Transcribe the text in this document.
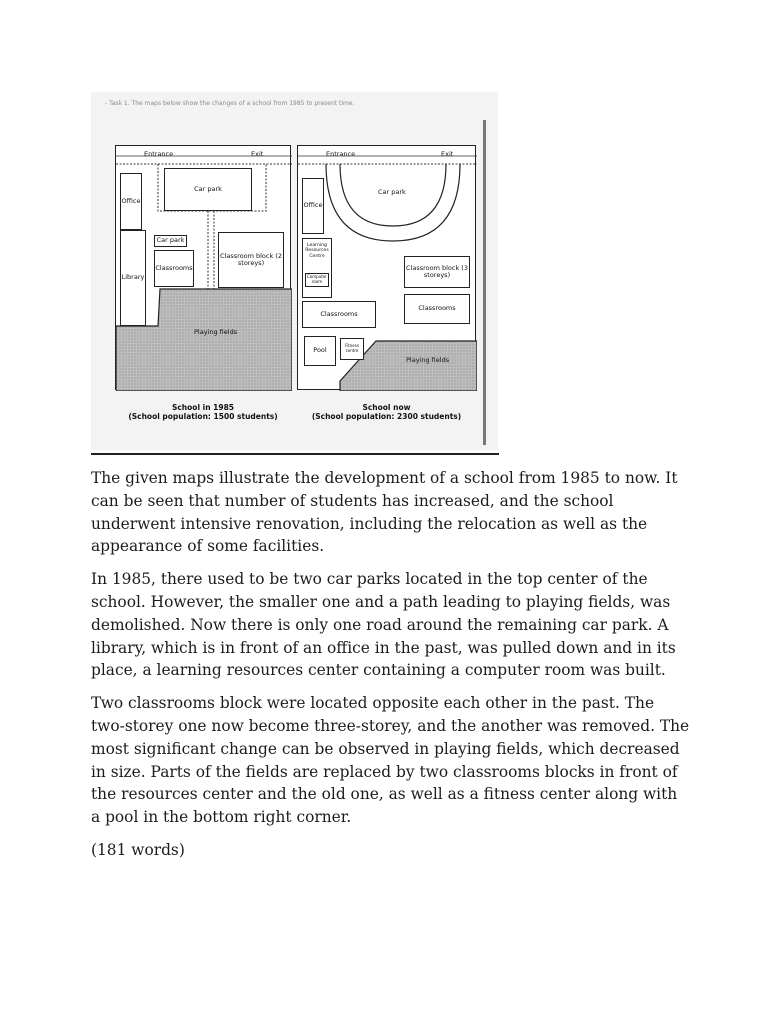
- Task 1. The maps below show the changes of a school from 1985 to present time.
Entrance	Exit
Car park
Office
Car park
Library
Classrooms
Classroom block (2 storeys)
Playing fields
Entrance	Exit
Car park
Office
Learning Resources Centre
Computer room
Classroom block (3 storeys)
Classrooms
Classrooms
Pool
Fitness centre
Playing fields
School in 1985
(School population: 1500 students)
School now
(School population: 2300 students)

The given maps illustrate the development of a school from 1985 to now. It can be seen that number of students has increased, and the school underwent intensive renovation, including the relocation as well as the appearance of some facilities.

In 1985, there used to be two car parks located in the top center of the school. However, the smaller one and a path leading to playing fields, was demolished. Now there is only one road around the remaining car park. A library, which is in front of an office in the past, was pulled down and in its place, a learning resources center containing a computer room was built.

Two classrooms block were located opposite each other in the past. The two-storey one now become three-storey, and the another was removed. The most significant change can be observed in playing fields, which decreased in size. Parts of the fields are replaced by two classrooms blocks in front of the resources center and the old one, as well as a fitness center along with a pool in the bottom right corner.

(181 words)
